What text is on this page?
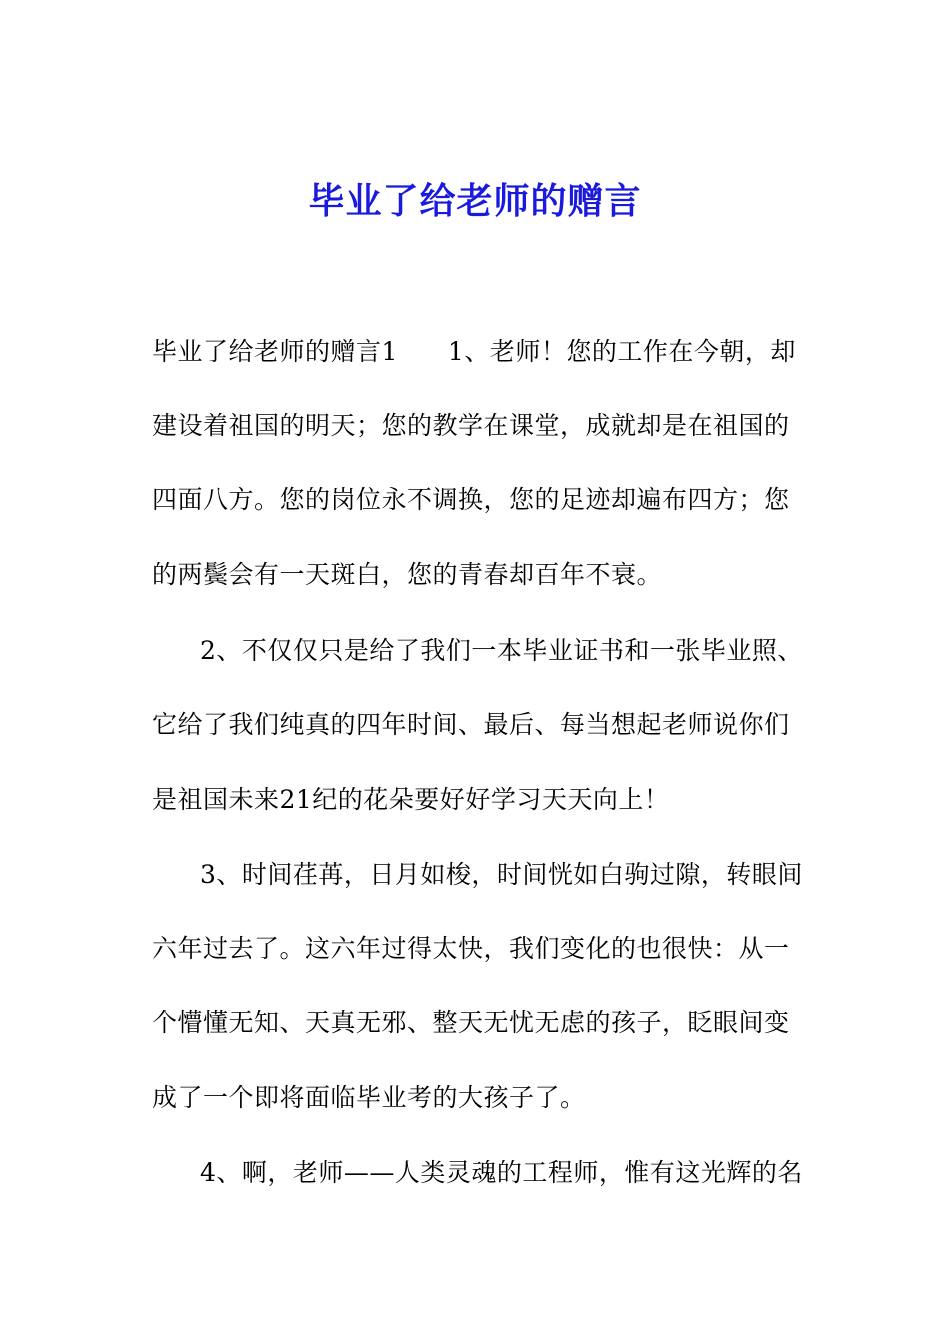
毕业了给老师的赠言
毕业了给老师的赠言1 1、老师！您的工作在今朝，却
建设着祖国的明天；您的教学在课堂，成就却是在祖国的
四面八方。您的岗位永不调换，您的足迹却遍布四方；您
的两鬓会有一天斑白，您的青春却百年不衰。
2、不仅仅只是给了我们一本毕业证书和一张毕业照、
它给了我们纯真的四年时间、最后、每当想起老师说你们
是祖国未来21纪的花朵要好好学习天天向上！
3、时间荏苒，日月如梭，时间恍如白驹过隙，转眼间
六年过去了。这六年过得太快，我们变化的也很快：从一
个懵懂无知、天真无邪、整天无忧无虑的孩子，眨眼间变
成了一个即将面临毕业考的大孩子了。
4、啊，老师——人类灵魂的工程师，惟有这光辉的名
